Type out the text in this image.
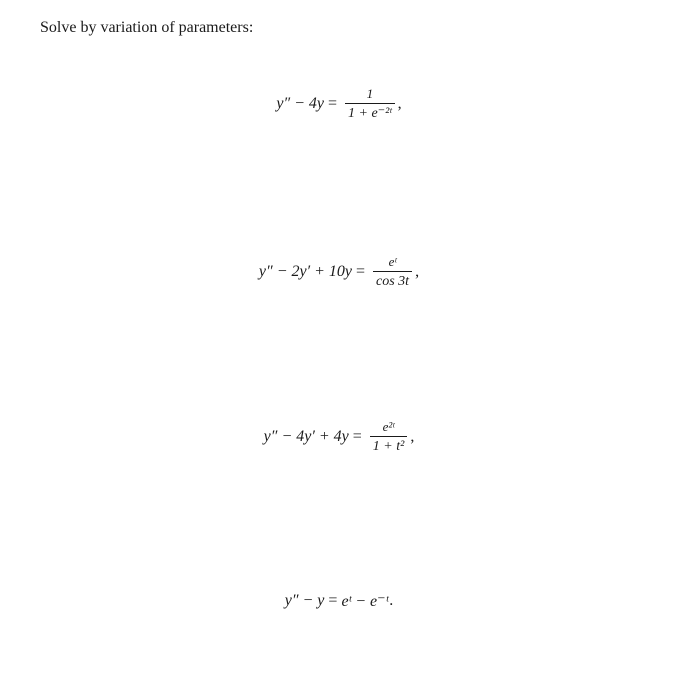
Solve by variation of parameters:
$y'' - 4y = \frac{1}{\text{1 + e⁻²ᵗ}}$ ,
$y'' - 2y' + 10y = \frac{\text{eᵗ}}{\cos 3t}$ ,
$y'' - 4y' + 4y = \frac{\text{e²ᵗ}}{\text{1 + t²}}$ ,
y″ − y = eᵗ − e⁻ᵗ .
